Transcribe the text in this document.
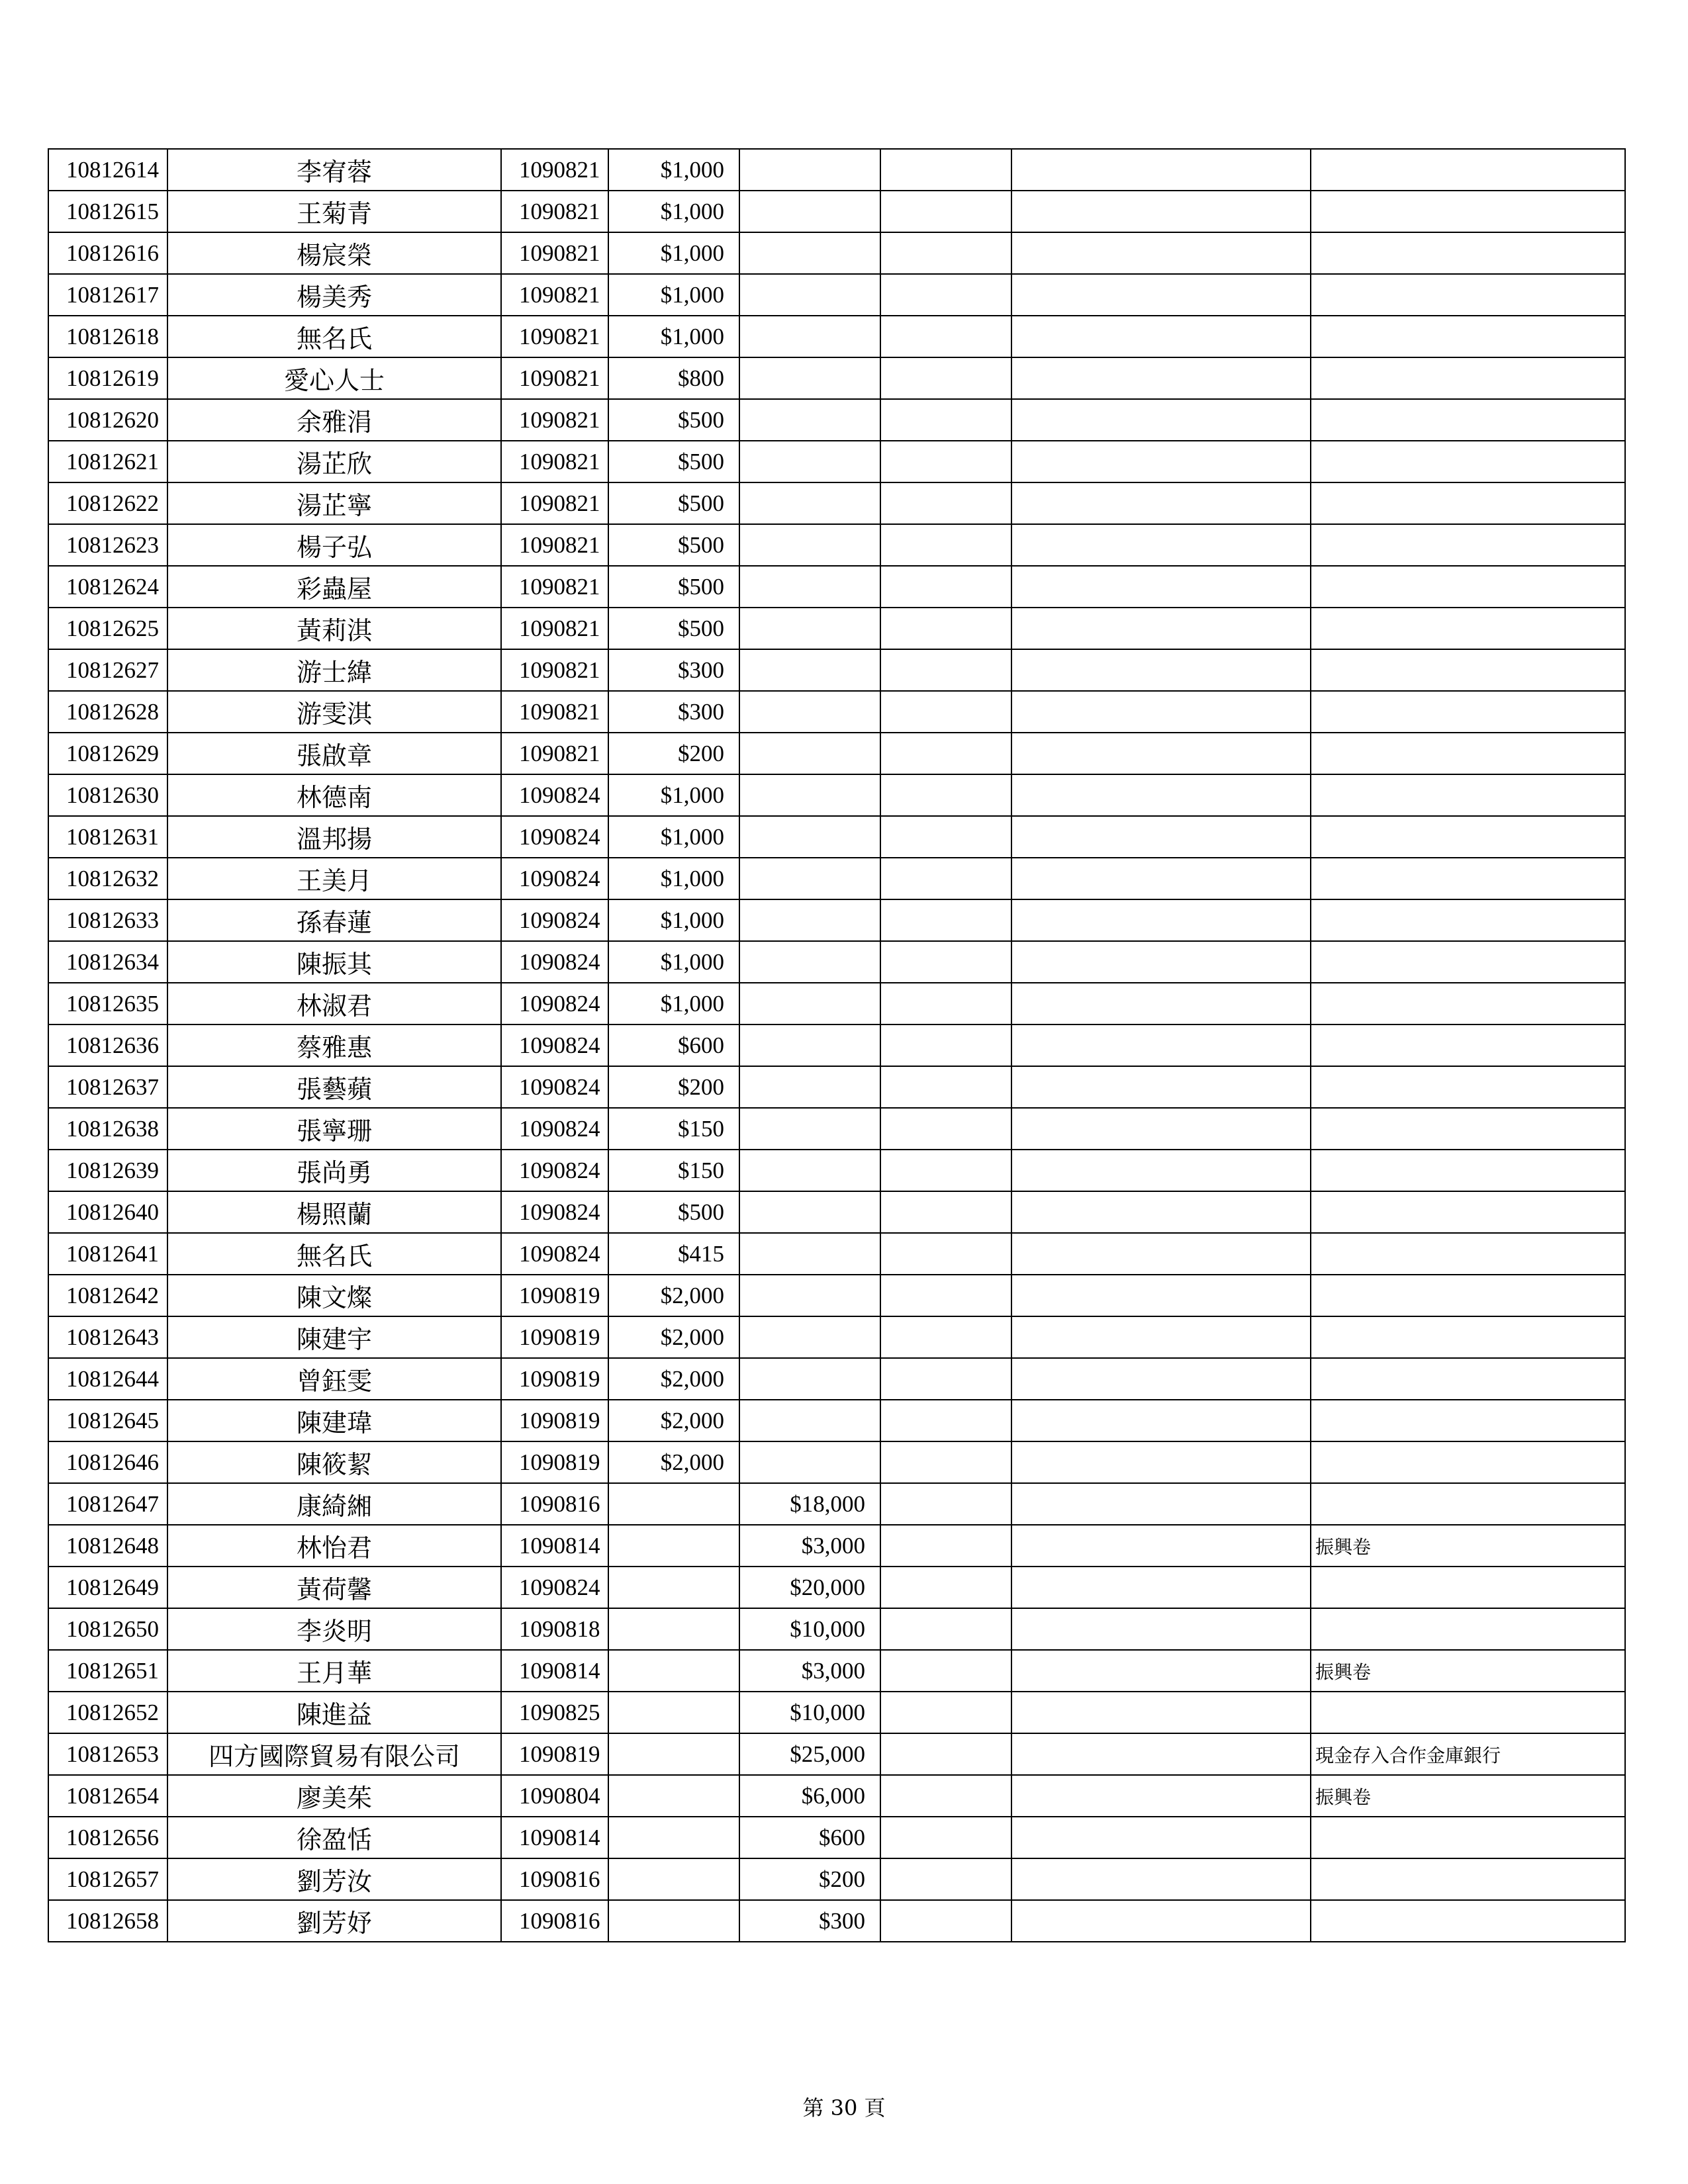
10812614	李宥蓉	1090821	$1,000				
10812615	王菊青	1090821	$1,000				
10812616	楊宸榮	1090821	$1,000				
10812617	楊美秀	1090821	$1,000				
10812618	無名氏	1090821	$1,000				
10812619	愛心人士	1090821	$800				
10812620	余雅涓	1090821	$500				
10812621	湯芷欣	1090821	$500				
10812622	湯芷寧	1090821	$500				
10812623	楊子弘	1090821	$500				
10812624	彩蟲屋	1090821	$500				
10812625	黃莉淇	1090821	$500				
10812627	游士緯	1090821	$300				
10812628	游雯淇	1090821	$300				
10812629	張啟章	1090821	$200				
10812630	林德南	1090824	$1,000				
10812631	溫邦揚	1090824	$1,000				
10812632	王美月	1090824	$1,000				
10812633	孫春蓮	1090824	$1,000				
10812634	陳振其	1090824	$1,000				
10812635	林淑君	1090824	$1,000				
10812636	蔡雅惠	1090824	$600				
10812637	張藝蘋	1090824	$200				
10812638	張寧珊	1090824	$150				
10812639	張尚勇	1090824	$150				
10812640	楊照蘭	1090824	$500				
10812641	無名氏	1090824	$415				
10812642	陳文燦	1090819	$2,000				
10812643	陳建宇	1090819	$2,000				
10812644	曾鈺雯	1090819	$2,000				
10812645	陳建瑋	1090819	$2,000				
10812646	陳筱絜	1090819	$2,000				
10812647	康綺緗	1090816		$18,000			
10812648	林怡君	1090814		$3,000			振興卷
10812649	黃荷馨	1090824		$20,000			
10812650	李炎明	1090818		$10,000			
10812651	王月華	1090814		$3,000			振興卷
10812652	陳進益	1090825		$10,000			
10812653	四方國際貿易有限公司	1090819		$25,000			現金存入合作金庫銀行
10812654	廖美茱	1090804		$6,000			振興卷
10812656	徐盈恬	1090814		$600			
10812657	劉芳汝	1090816		$200			
10812658	劉芳妤	1090816		$300			
第 30 頁
